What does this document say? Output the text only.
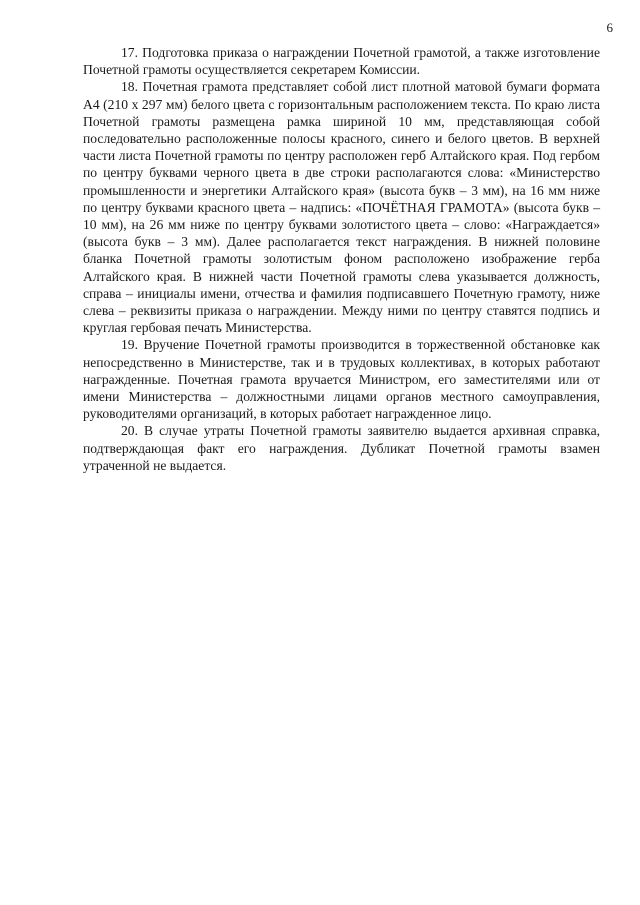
6

17. Подготовка приказа о награждении Почетной грамотой, а также изготовление Почетной грамоты осуществляется секретарем Комиссии.

18. Почетная грамота представляет собой лист плотной матовой бумаги формата А4 (210 х 297 мм) белого цвета с горизонтальным расположением текста. По краю листа Почетной грамоты размещена рамка шириной 10 мм, представляющая собой последовательно расположенные полосы красного, синего и белого цветов. В верхней части листа Почетной грамоты по центру расположен герб Алтайского края. Под гербом по центру буквами черного цвета в две строки располагаются слова: «Министерство промышленности и энергетики Алтайского края» (высота букв – 3 мм), на 16 мм ниже по центру буквами красного цвета – надпись: «ПОЧЁТНАЯ ГРАМОТА» (высота букв – 10 мм), на 26 мм ниже по центру буквами золотистого цвета – слово: «Награждается» (высота букв – 3 мм). Далее располагается текст награждения. В нижней половине бланка Почетной грамоты золотистым фоном расположено изображение герба Алтайского края. В нижней части Почетной грамоты слева указывается должность, справа – инициалы имени, отчества и фамилия подписавшего Почетную грамоту, ниже слева – реквизиты приказа о награждении. Между ними по центру ставятся подпись и круглая гербовая печать Министерства.

19. Вручение Почетной грамоты производится в торжественной обстановке как непосредственно в Министерстве, так и в трудовых коллективах, в которых работают награжденные. Почетная грамота вручается Министром, его заместителями или от имени Министерства – должностными лицами органов местного самоуправления, руководителями организаций, в которых работает награжденное лицо.

20. В случае утраты Почетной грамоты заявителю выдается архивная справка, подтверждающая факт его награждения. Дубликат Почетной грамоты взамен утраченной не выдается.
